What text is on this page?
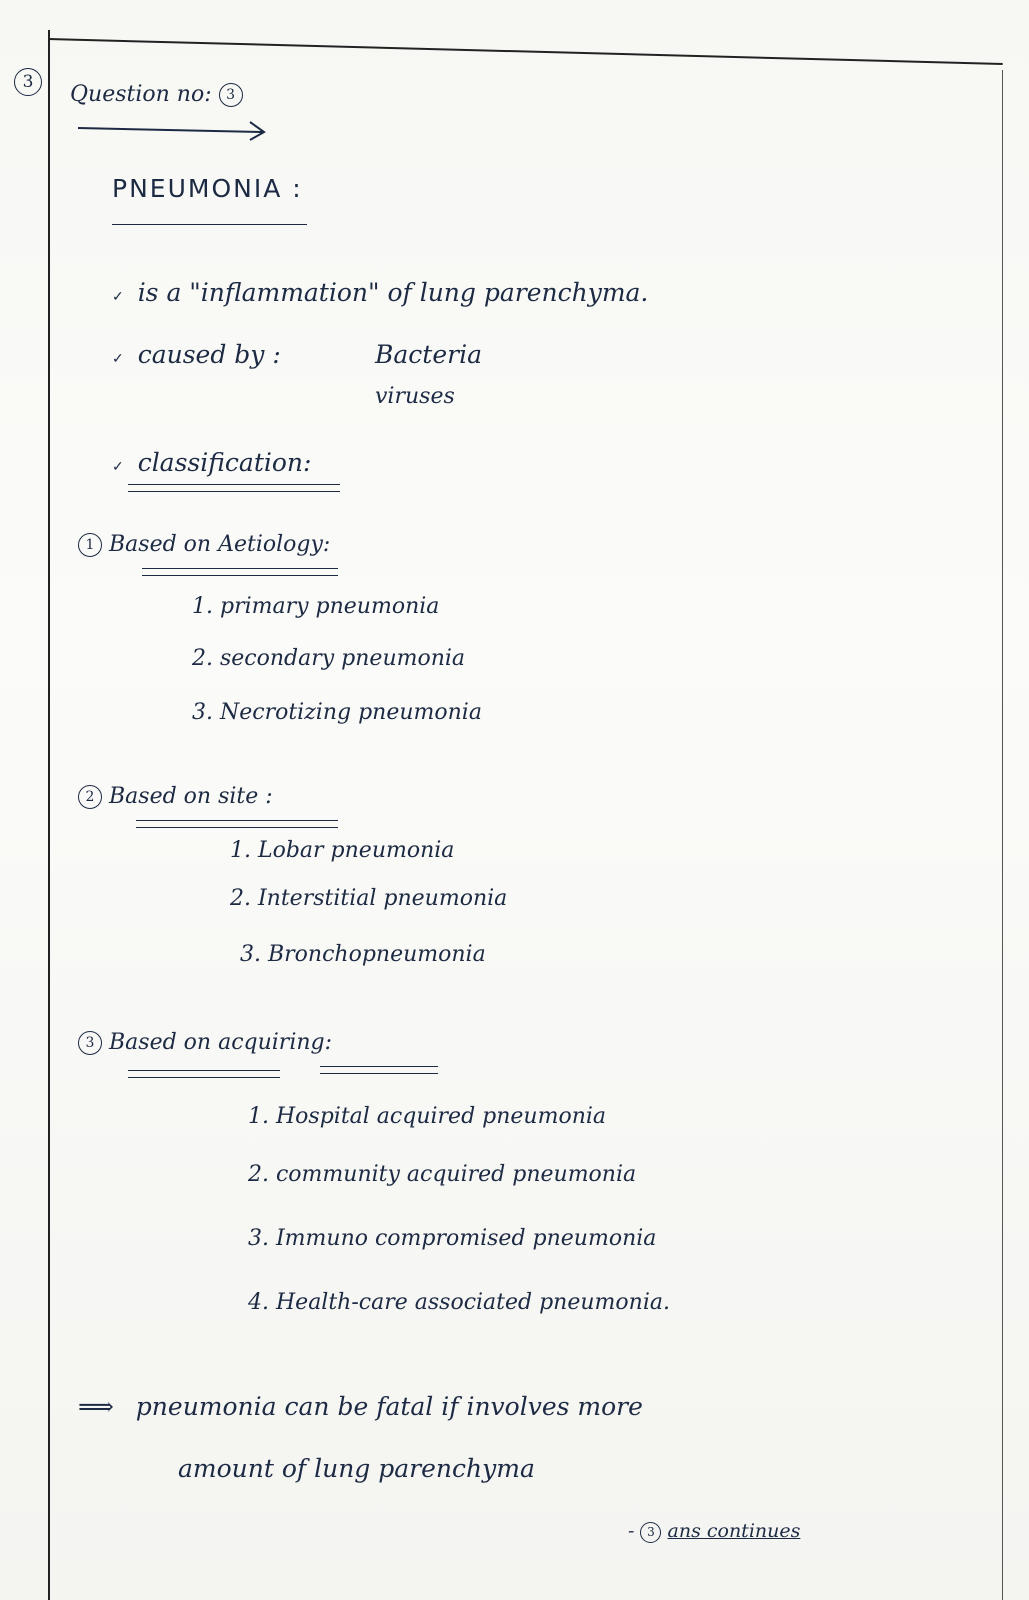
3	Question no: 3
PNEUMONIA :
✓ is a "inflammation" of lung parenchyma.
✓ caused by :	Bacteria
viruses
✓ classification:
1 Based on Aetiology:
1. primary pneumonia
2. secondary pneumonia
3. Necrotizing pneumonia
2 Based on site :
1. Lobar pneumonia
2. Interstitial pneumonia
3. Bronchopneumonia
3 Based on acquiring:
1. Hospital acquired pneumonia
2. community acquired pneumonia
3. Immuno compromised pneumonia
4. Health-care associated pneumonia.
⟹ pneumonia can be fatal if involves more
amount of lung parenchyma
- 3 ans continues
